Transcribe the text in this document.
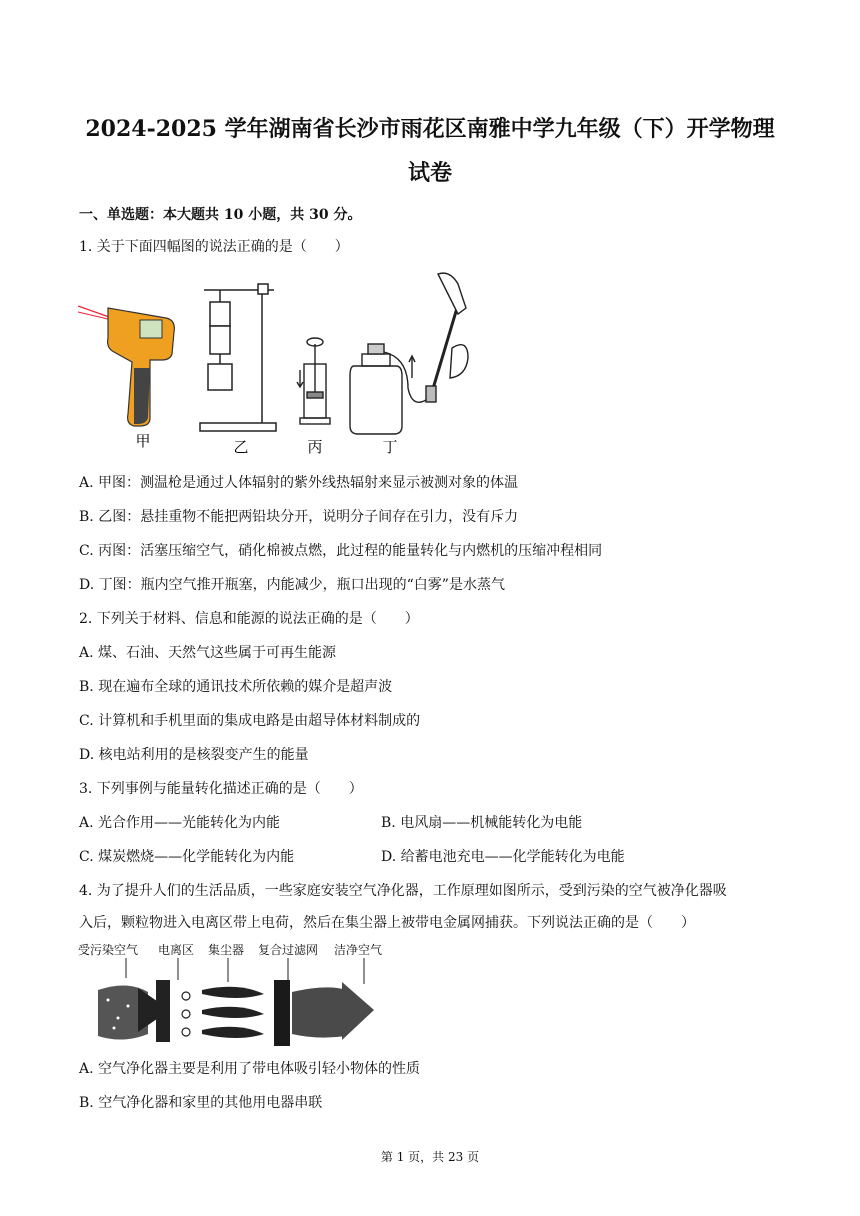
2024-2025 学年湖南省长沙市雨花区南雅中学九年级（下）开学物理
试卷
一、单选题：本大题共 10 小题，共 30 分。
1. 关于下面四幅图的说法正确的是（　　）
甲	乙	丙	丁
A. 甲图：测温枪是通过人体辐射的紫外线热辐射来显示被测对象的体温
B. 乙图：悬挂重物不能把两铅块分开，说明分子间存在引力，没有斥力
C. 丙图：活塞压缩空气，硝化棉被点燃，此过程的能量转化与内燃机的压缩冲程相同
D. 丁图：瓶内空气推开瓶塞，内能减少，瓶口出现的“白雾”是水蒸气
2. 下列关于材料、信息和能源的说法正确的是（　　）
A. 煤、石油、天然气这些属于可再生能源
B. 现在遍布全球的通讯技术所依赖的媒介是超声波
C. 计算机和手机里面的集成电路是由超导体材料制成的
D. 核电站利用的是核裂变产生的能量
3. 下列事例与能量转化描述正确的是（　　）
A. 光合作用——光能转化为内能	B. 电风扇——机械能转化为电能
C. 煤炭燃烧——化学能转化为内能	D. 给蓄电池充电——化学能转化为电能
4. 为了提升人们的生活品质，一些家庭安装空气净化器，工作原理如图所示，受到污染的空气被净化器吸
入后，颗粒物进入电离区带上电荷，然后在集尘器上被带电金属网捕获。下列说法正确的是（　　）
受污染空气 电离区 集尘器 复合过滤网 洁净空气
A. 空气净化器主要是利用了带电体吸引轻小物体的性质
B. 空气净化器和家里的其他用电器串联
第 1 页，共 23 页
